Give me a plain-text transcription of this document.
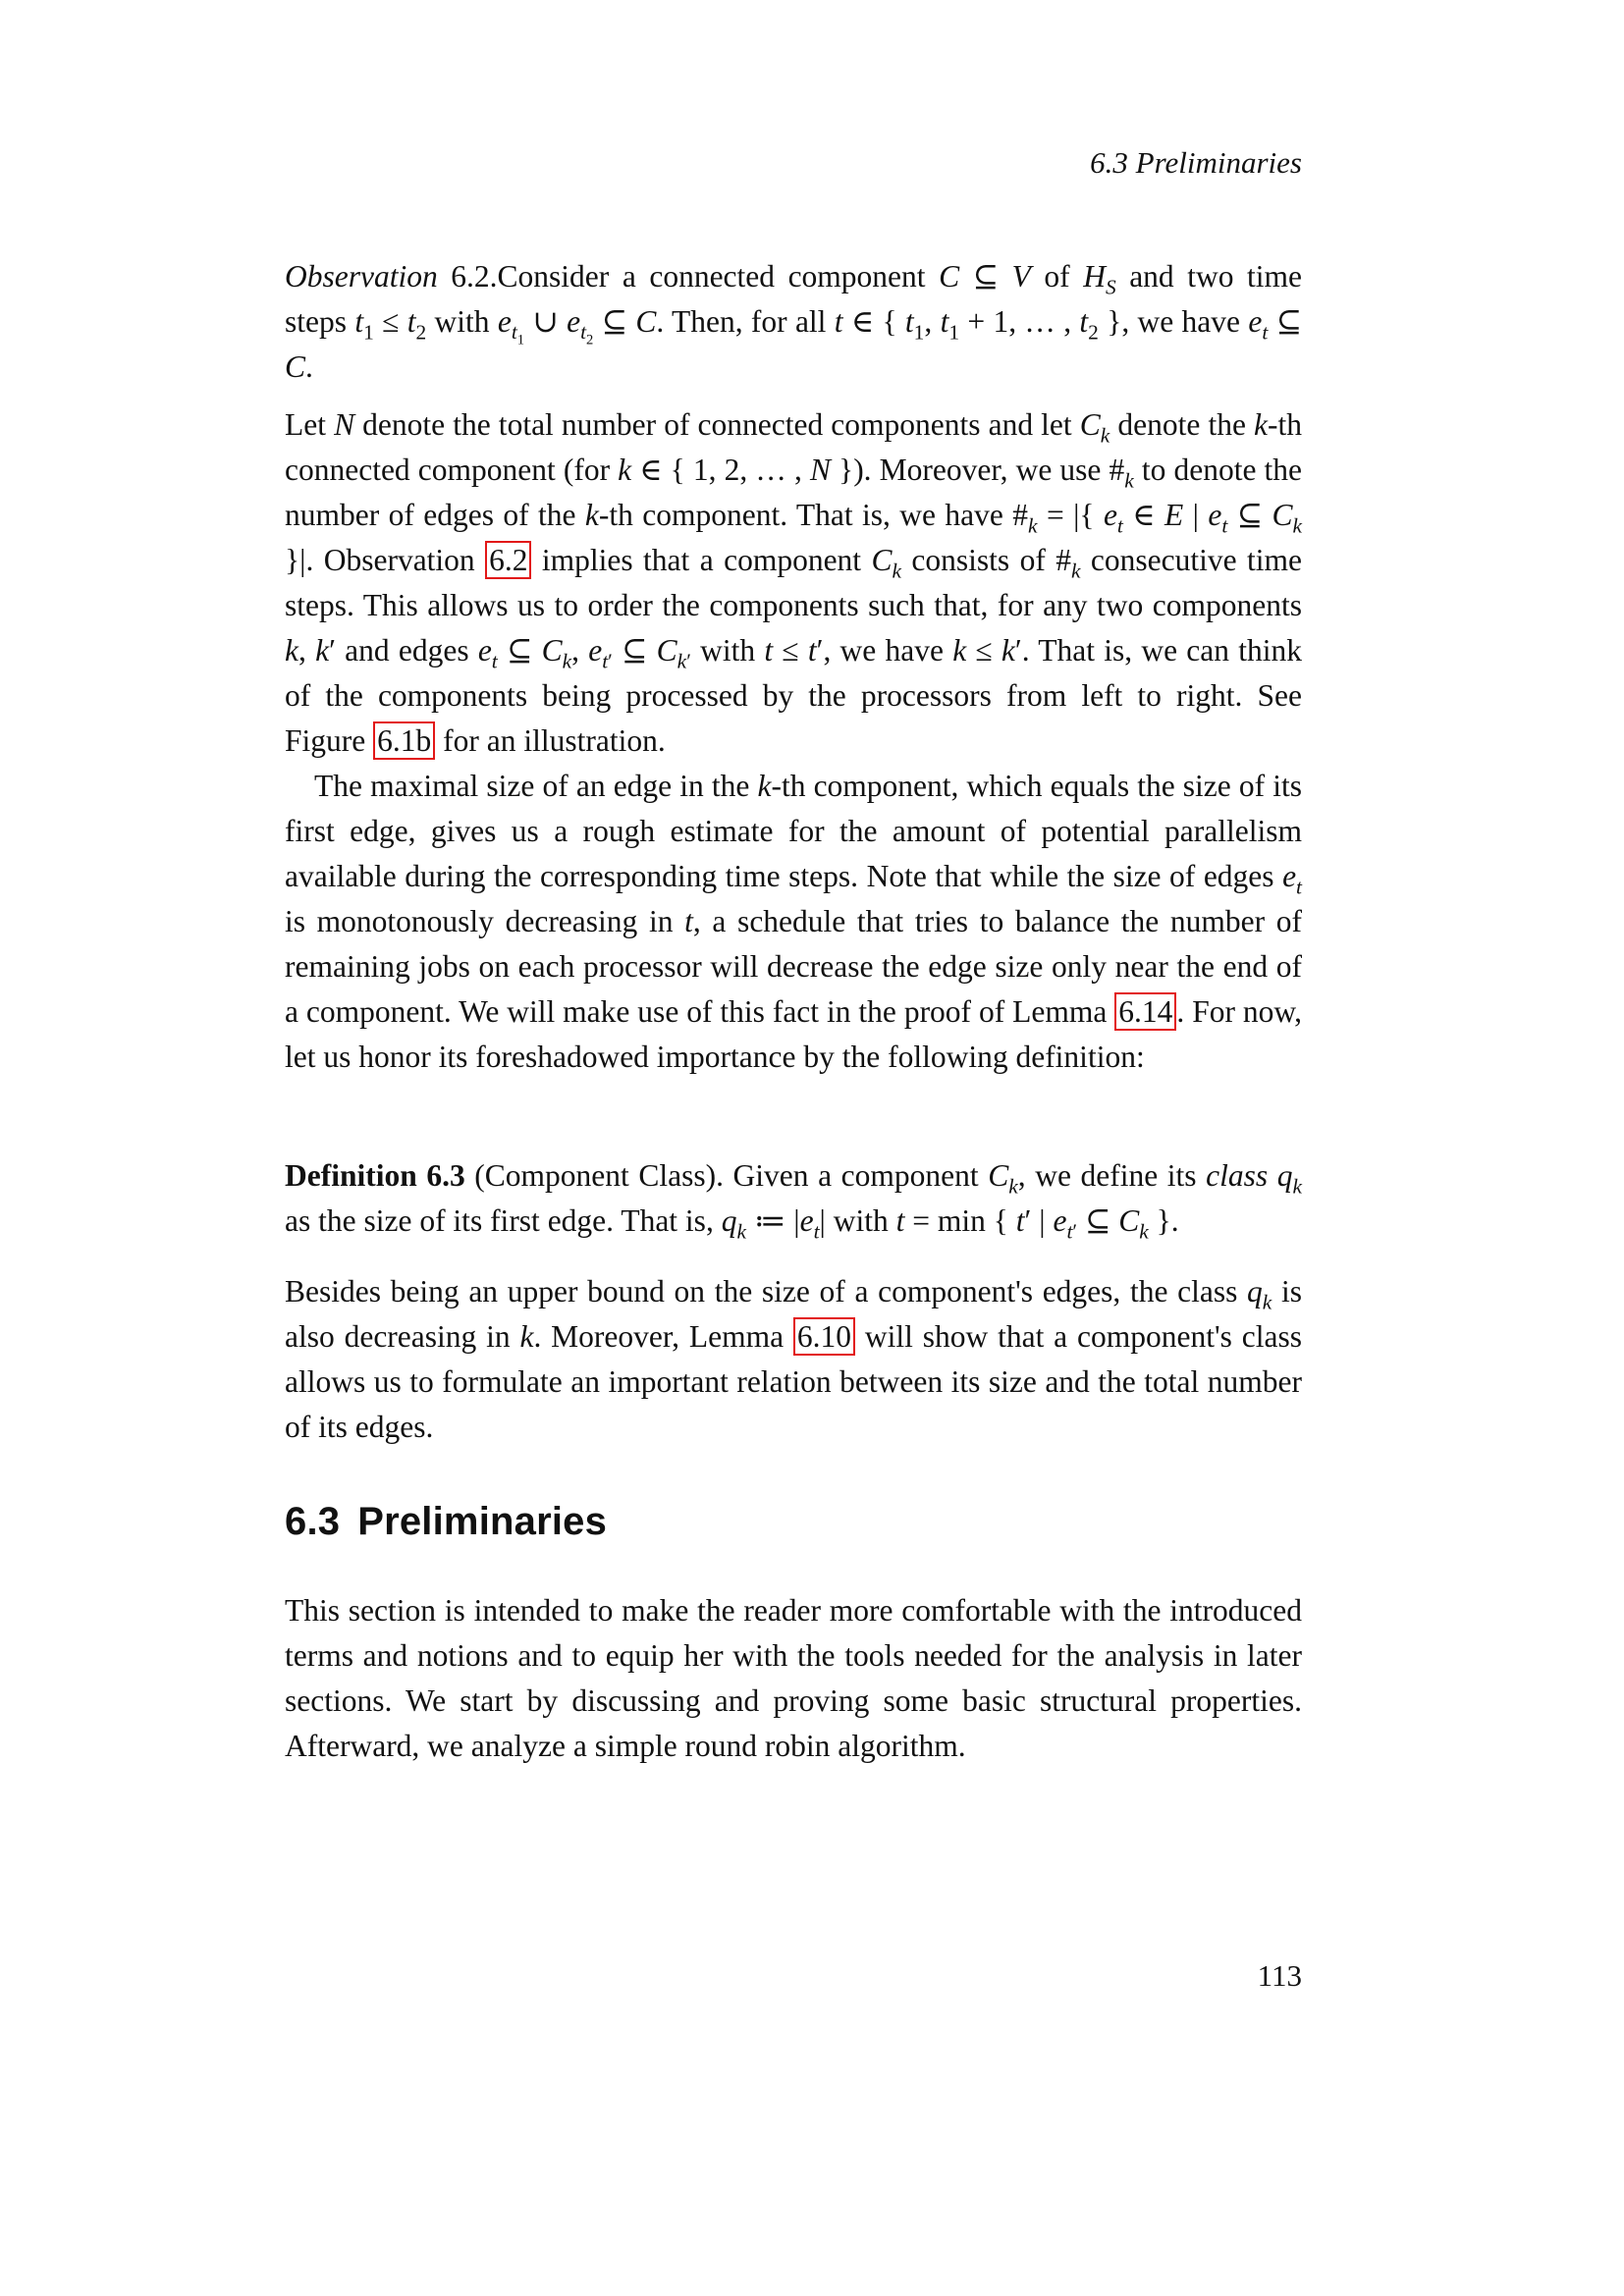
6.3 Preliminaries

Observation 6.2.Consider a connected component C ⊆ V of $H_S$ and two time steps $t_1 \le t_2$ with $e_{t_1}$ ∪ $e_{t_2}$ ⊆ C. Then, for all t ∈ { $t_1$, $t_1 + 1$, … , $t_2$ }, we have $e_t$ ⊆ C.

Let N denote the total number of connected components and let $C_k$ denote the k-th connected component (for k ∈ { 1, 2, … , N }). Moreover, we use $\#_k$ to denote the number of edges of the k-th component. That is, we have $\#_k$ = |{ $e_t$ ∈ E | $e_t$ ⊆ $C_k$ }|. Observation 6.2 implies that a component $C_k$ consists of $\#_k$ consecutive time steps. This allows us to order the components such that, for any two components k, k′ and edges $e_t$ ⊆ $C_k$, $e_{t'}$ ⊆ $C_{k'}$ with t ≤ t′, we have k ≤ k′. That is, we can think of the components being processed by the processors from left to right. See Figure 6.1b for an illustration.

The maximal size of an edge in the k-th component, which equals the size of its first edge, gives us a rough estimate for the amount of potential parallelism available during the corresponding time steps. Note that while the size of edges $e_t$ is monotonously decreasing in t, a schedule that tries to balance the number of remaining jobs on each processor will decrease the edge size only near the end of a component. We will make use of this fact in the proof of Lemma 6.14 . For now, let us honor its foreshadowed importance by the following definition:

Definition 6.3 (Component Class). Given a component $C_k$, we define its class $q_k$ as the size of its first edge. That is, $q_k$ ≔ $|e_t|$ with t = min { t′ | $e_{t'}$ ⊆ $C_k$ }.

Besides being an upper bound on the size of a component's edges, the class $q_k$ is also decreasing in k. Moreover, Lemma 6.10 will show that a component's class allows us to formulate an important relation between its size and the total number of its edges.

6.3 Preliminaries

This section is intended to make the reader more comfortable with the introduced terms and notions and to equip her with the tools needed for the analysis in later sections. We start by discussing and proving some basic structural properties. Afterward, we analyze a simple round robin algorithm.

113
